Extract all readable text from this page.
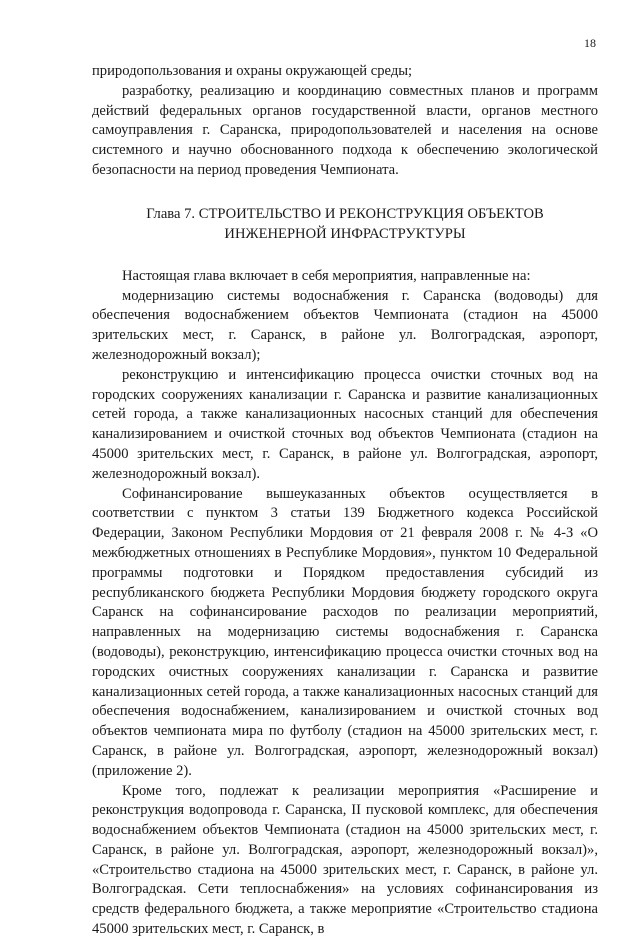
18

природопользования и охраны окружающей среды;

разработку, реализацию и координацию совместных планов и программ действий федеральных органов государственной власти, органов местного самоуправления г. Саранска, природопользователей и населения на основе системного и научно обоснованного подхода к обеспечению экологической безопасности на период проведения Чемпионата.

Глава 7. СТРОИТЕЛЬСТВО И РЕКОНСТРУКЦИЯ ОБЪЕКТОВ
ИНЖЕНЕРНОЙ ИНФРАСТРУКТУРЫ

Настоящая глава включает в себя мероприятия, направленные на:

модернизацию системы водоснабжения г. Саранска (водоводы) для обеспечения водоснабжением объектов Чемпионата (стадион на 45000 зрительских мест, г. Саранск, в районе ул. Волгоградская, аэропорт, железнодорожный вокзал);

реконструкцию и интенсификацию процесса очистки сточных вод на городских сооружениях канализации г. Саранска и развитие канализационных сетей города, а также канализационных насосных станций для обеспечения канализированием и очисткой сточных вод объектов Чемпионата (стадион на 45000 зрительских мест, г. Саранск, в районе ул. Волгоградская, аэропорт, железнодорожный вокзал).

Софинансирование вышеуказанных объектов осуществляется в соответствии с пунктом 3 статьи 139 Бюджетного кодекса Российской Федерации, Законом Республики Мордовия от 21 февраля 2008 г. № 4-З «О межбюджетных отношениях в Республике Мордовия», пунктом 10 Федеральной программы подготовки и Порядком предоставления субсидий из республиканского бюджета Республики Мордовия бюджету городского округа Саранск на софинансирование расходов по реализации мероприятий, направленных на модернизацию системы водоснабжения г. Саранска (водоводы), реконструкцию, интенсификацию процесса очистки сточных вод на городских очистных сооружениях канализации г. Саранска и развитие канализационных сетей города, а также канализационных насосных станций для обеспечения водоснабжением, канализированием и очисткой сточных вод объектов чемпионата мира по футболу (стадион на 45000 зрительских мест, г. Саранск, в районе ул. Волгоградская, аэропорт, железнодорожный вокзал) (приложение 2).

Кроме того, подлежат к реализации мероприятия «Расширение и реконструкция водопровода г. Саранска, II пусковой комплекс, для обеспечения водоснабжением объектов Чемпионата (стадион на 45000 зрительских мест, г. Саранск, в районе ул. Волгоградская, аэропорт, железнодорожный вокзал)», «Строительство стадиона на 45000 зрительских мест, г. Саранск, в районе ул. Волгоградская. Сети теплоснабжения» на условиях софинансирования из средств федерального бюджета, а также мероприятие «Строительство стадиона 45000 зрительских мест, г. Саранск, в
